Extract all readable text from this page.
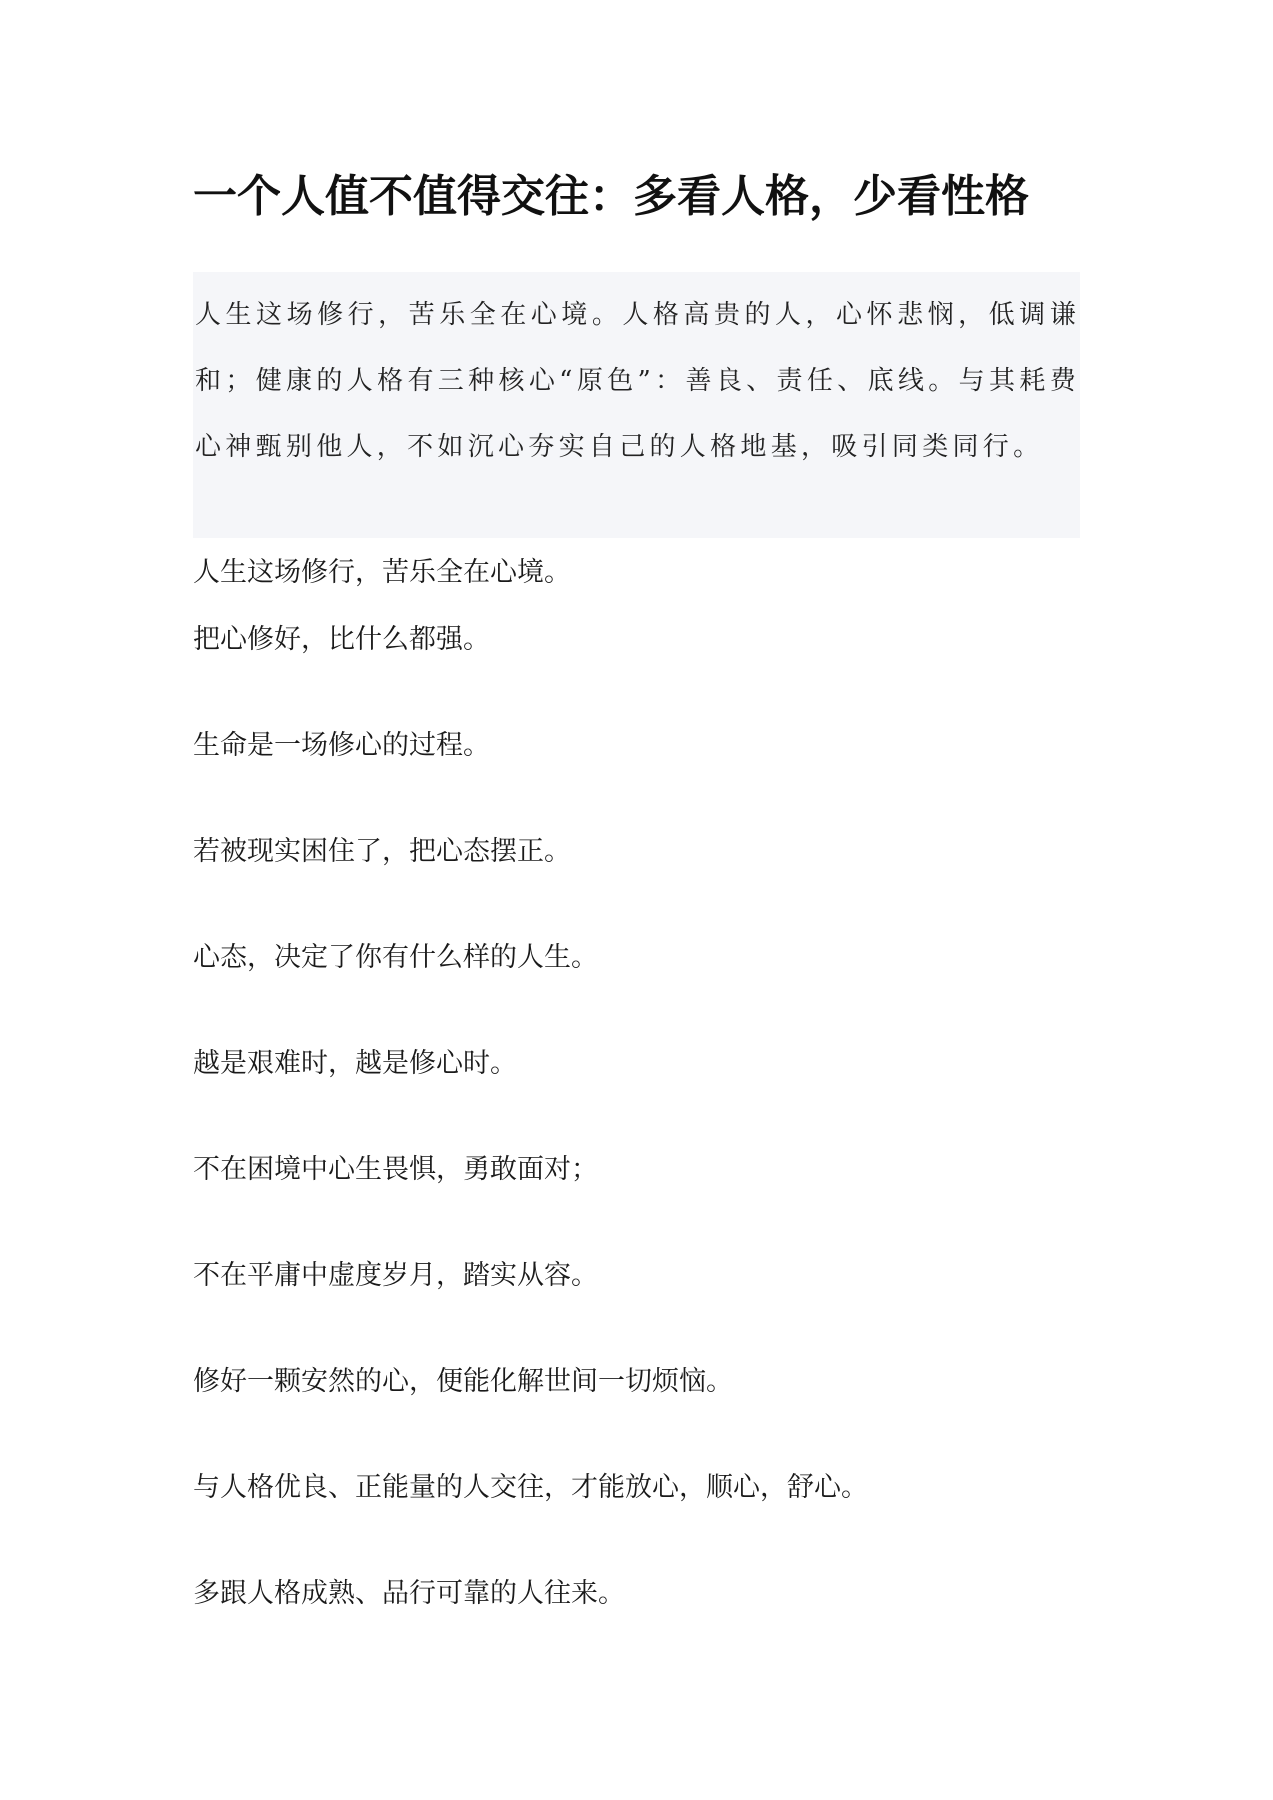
一个人值不值得交往：多看人格，少看性格

人生这场修行，苦乐全在心境。人格高贵的人，心怀悲悯，低调谦和；健康的人格有三种核心“原色”：善良、责任、底线。与其耗费心神甄别他人，不如沉心夯实自己的人格地基，吸引同类同行。

人生这场修行，苦乐全在心境。

把心修好，比什么都强。

生命是一场修心的过程。

若被现实困住了，把心态摆正。

心态，决定了你有什么样的人生。

越是艰难时，越是修心时。

不在困境中心生畏惧，勇敢面对；

不在平庸中虚度岁月，踏实从容。

修好一颗安然的心，便能化解世间一切烦恼。

与人格优良、正能量的人交往，才能放心，顺心，舒心。

多跟人格成熟、品行可靠的人往来。
